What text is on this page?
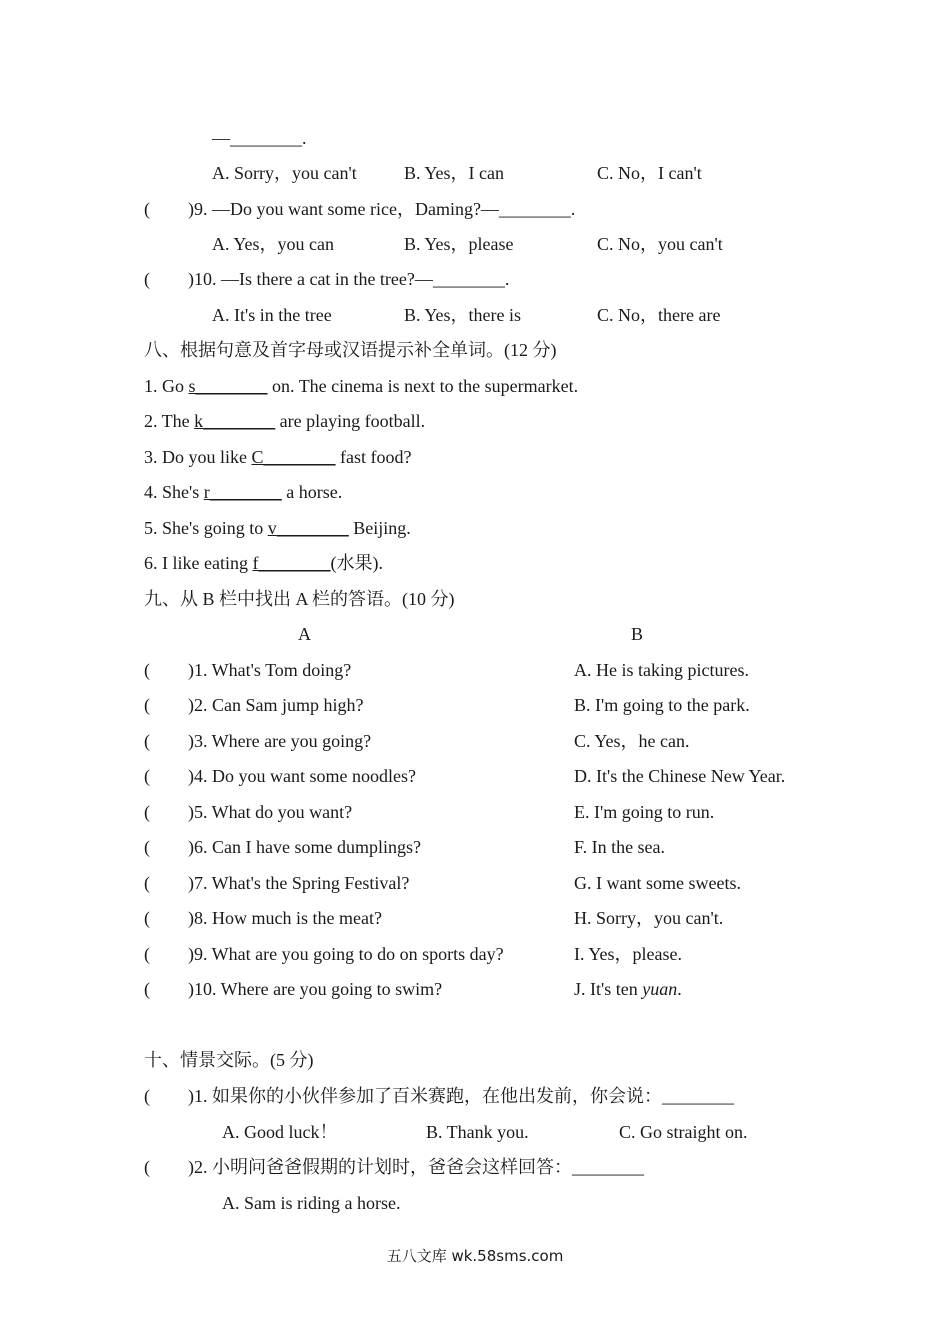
—________.
A. Sorry，you can't	B. Yes，I can	C. No，I can't
( )9. —Do you want some rice，Daming?—________.
A. Yes，you can	B. Yes，please	C. No，you can't
( )10. —Is there a cat in the tree?—________.
A. It's in the tree	B. Yes，there is	C. No，there are
八、根据句意及首字母或汉语提示补全单词。(12 分)
1. Go s________ on. The cinema is next to the supermarket.
2. The k________ are playing football.
3. Do you like C________ fast food?
4. She's r________ a horse.
5. She's going to v________ Beijing.
6. I like eating f________(水果).
九、从 B 栏中找出 A 栏的答语。(10 分)
A	B
( )1. What's Tom doing?	A. He is taking pictures.
( )2. Can Sam jump high?	B. I'm going to the park.
( )3. Where are you going?	C. Yes，he can.
( )4. Do you want some noodles?	D. It's the Chinese New Year.
( )5. What do you want?	E. I'm going to run.
( )6. Can I have some dumplings?	F. In the sea.
( )7. What's the Spring Festival?	G. I want some sweets.
( )8. How much is the meat?	H. Sorry，you can't.
( )9. What are you going to do on sports day?	I. Yes，please.
( )10. Where are you going to swim?	J. It's ten yuan.
十、情景交际。(5 分)
( )1. 如果你的小伙伴参加了百米赛跑，在他出发前，你会说：________
A. Good luck！	B. Thank you.	C. Go straight on.
( )2. 小明问爸爸假期的计划时，爸爸会这样回答：________
A. Sam is riding a horse.
五八文库 wk.58sms.com
